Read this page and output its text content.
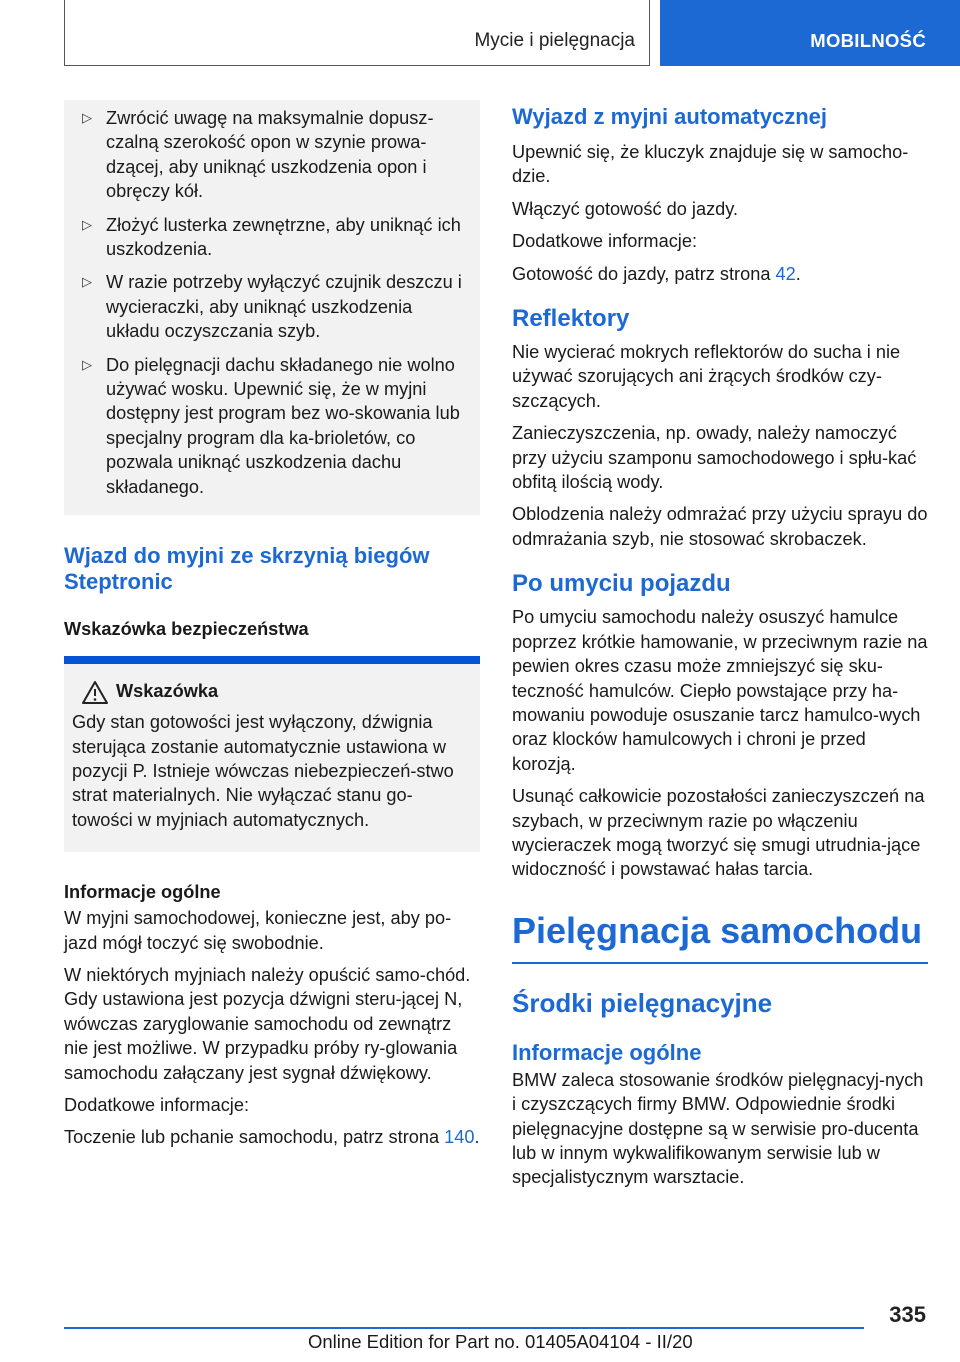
Mycie i pielęgnacja	MOBILNOŚĆ
▷ Zwrócić uwagę na maksymalnie dopusz-czalną szerokość opon w szynie prowa-dzącej, aby uniknąć uszkodzenia opon i obręczy kół.
▷ Złożyć lusterka zewnętrzne, aby uniknąć ich uszkodzenia.
▷ W razie potrzeby wyłączyć czujnik deszczu i wycieraczki, aby uniknąć uszkodzenia układu oczyszczania szyb.
▷ Do pielęgnacji dachu składanego nie wolno używać wosku. Upewnić się, że w myjni dostępny jest program bez wo-skowania lub specjalny program dla ka-brioletów, co pozwala uniknąć uszkodzenia dachu składanego.
Wjazd do myjni ze skrzynią biegów Steptronic
Wskazówka bezpieczeństwa
Wskazówka
Gdy stan gotowości jest wyłączony, dźwignia sterująca zostanie automatycznie ustawiona w pozycji P. Istnieje wówczas niebezpieczeń-stwo strat materialnych. Nie wyłączać stanu go-towości w myjniach automatycznych.
Informacje ogólne
W myjni samochodowej, konieczne jest, aby po-jazd mógł toczyć się swobodnie.
W niektórych myjniach należy opuścić samo-chód. Gdy ustawiona jest pozycja dźwigni steru-jącej N, wówczas zaryglowanie samochodu od zewnątrz nie jest możliwe. W przypadku próby ry-glowania samochodu załączany jest sygnał dźwiękowy.
Dodatkowe informacje:
Toczenie lub pchanie samochodu, patrz strona 140.
Wyjazd z myjni automatycznej
Upewnić się, że kluczyk znajduje się w samocho-dzie.
Włączyć gotowość do jazdy.
Dodatkowe informacje:
Gotowość do jazdy, patrz strona 42.
Reflektory
Nie wycierać mokrych reflektorów do sucha i nie używać szorujących ani żrących środków czy-szczących.
Zanieczyszczenia, np. owady, należy namoczyć przy użyciu szamponu samochodowego i spłu-kać obfitą ilością wody.
Oblodzenia należy odmrażać przy użyciu sprayu do odmrażania szyb, nie stosować skrobaczek.
Po umyciu pojazdu
Po umyciu samochodu należy osuszyć hamulce poprzez krótkie hamowanie, w przeciwnym razie na pewien okres czasu może zmniejszyć się sku-teczność hamulców. Ciepło powstające przy ha-mowaniu powoduje osuszanie tarcz hamulco-wych oraz klocków hamulcowych i chroni je przed korozją.
Usunąć całkowicie pozostałości zanieczyszczeń na szybach, w przeciwnym razie po włączeniu wycieraczek mogą tworzyć się smugi utrudnia-jące widoczność i powstawać hałas tarcia.
Pielęgnacja samochodu
Środki pielęgnacyjne
Informacje ogólne
BMW zaleca stosowanie środków pielęgnacyj-nych i czyszczących firmy BMW. Odpowiednie środki pielęgnacyjne dostępne są w serwisie pro-ducenta lub w innym wykwalifikowanym serwisie lub w specjalistycznym warsztacie.
335
Online Edition for Part no. 01405A04104 - II/20
